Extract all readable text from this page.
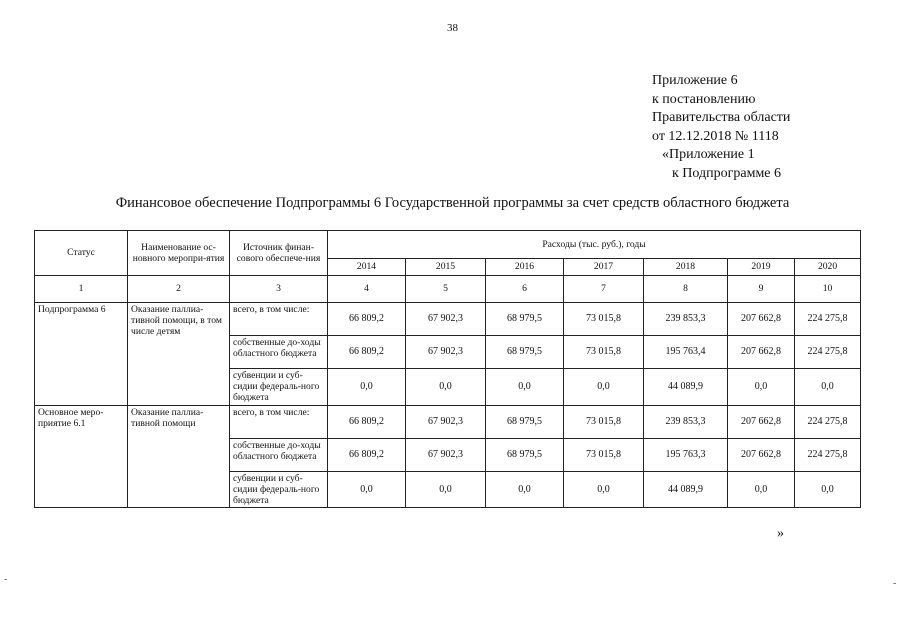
38
Приложение 6
к постановлению
Правительства области
от 12.12.2018 № 1118
«Приложение 1
к Подпрограмме 6
Финансовое обеспечение Подпрограммы 6 Государственной программы за счет средств областного бюджета
Статус	Наименование ос-новного меропри-ятия	Источник финан-сового обеспече-ния	Расходы (тыс. руб.), годы						
			2014	2015	2016	2017	2018	2019	2020
1	2	3	4	5	6	7	8	9	10
Подпрограмма 6	Оказание паллиа-тивной помощи, в том числе детям	всего, в том числе:	66 809,2	67 902,3	68 979,5	73 015,8	239 853,3	207 662,8	224 275,8
		собственные до-ходы областного бюджета	66 809,2	67 902,3	68 979,5	73 015,8	195 763,4	207 662,8	224 275,8
		субвенции и суб-сидии федераль-ного бюджета	0,0	0,0	0,0	0,0	44 089,9	0,0	0,0
Основное меро-приятие 6.1	Оказание паллиа-тивной помощи	всего, в том числе:	66 809,2	67 902,3	68 979,5	73 015,8	239 853,3	207 662,8	224 275,8
		собственные до-ходы областного бюджета	66 809,2	67 902,3	68 979,5	73 015,8	195 763,3	207 662,8	224 275,8
		субвенции и суб-сидии федераль-ного бюджета	0,0	0,0	0,0	0,0	44 089,9	0,0	0,0
»
-	-
